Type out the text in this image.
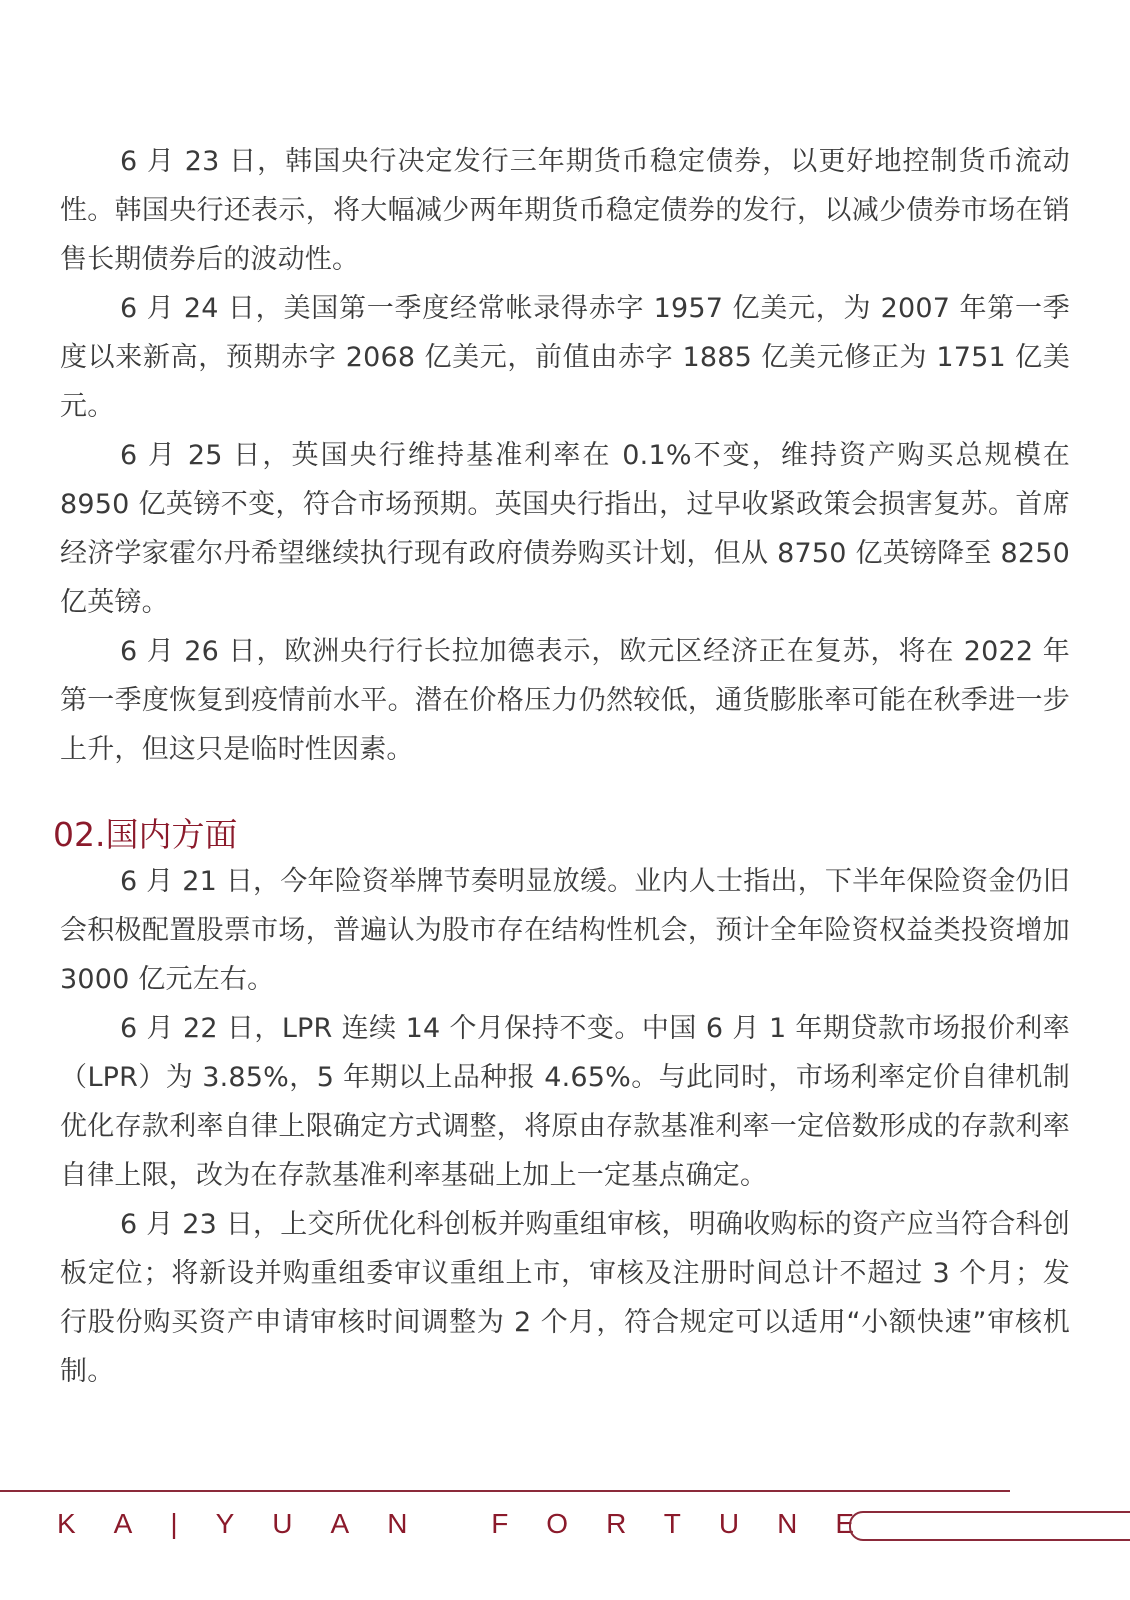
6 月 23 日，韩国央行决定发行三年期货币稳定债券，以更好地控制货币流动性。韩国央行还表示，将大幅减少两年期货币稳定债券的发行，以减少债券市场在销售长期债券后的波动性。

6 月 24 日，美国第一季度经常帐录得赤字 1957 亿美元，为 2007 年第一季度以来新高，预期赤字 2068 亿美元，前值由赤字 1885 亿美元修正为 1751 亿美元。

6 月 25 日，英国央行维持基准利率在 0.1%不变，维持资产购买总规模在 8950 亿英镑不变，符合市场预期。英国央行指出，过早收紧政策会损害复苏。首席经济学家霍尔丹希望继续执行现有政府债券购买计划，但从 8750 亿英镑降至 8250 亿英镑。

6 月 26 日，欧洲央行行长拉加德表示，欧元区经济正在复苏，将在 2022 年第一季度恢复到疫情前水平。潜在价格压力仍然较低，通货膨胀率可能在秋季进一步上升，但这只是临时性因素。

02.国内方面

6 月 21 日，今年险资举牌节奏明显放缓。业内人士指出，下半年保险资金仍旧会积极配置股票市场，普遍认为股市存在结构性机会，预计全年险资权益类投资增加 3000 亿元左右。

6 月 22 日，LPR 连续 14 个月保持不变。中国 6 月 1 年期贷款市场报价利率（LPR）为 3.85%，5 年期以上品种报 4.65%。与此同时，市场利率定价自律机制优化存款利率自律上限确定方式调整，将原由存款基准利率一定倍数形成的存款利率自律上限，改为在存款基准利率基础上加上一定基点确定。

6 月 23 日，上交所优化科创板并购重组审核，明确收购标的资产应当符合科创板定位；将新设并购重组委审议重组上市，审核及注册时间总计不超过 3 个月；发行股份购买资产申请审核时间调整为 2 个月，符合规定可以适用“小额快速”审核机制。

KA|YUAN FORTUNE
